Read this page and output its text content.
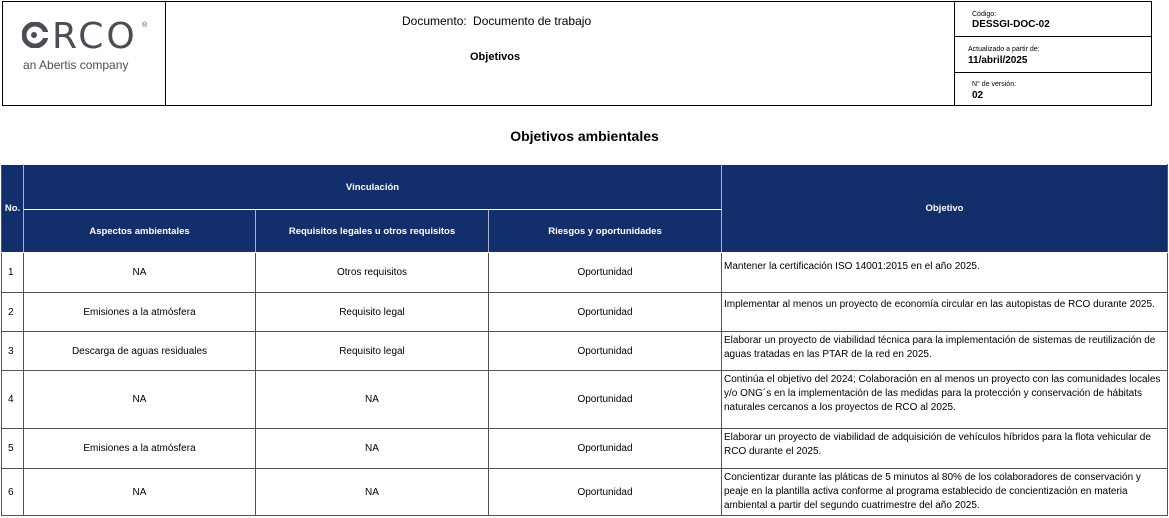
RCO ®
an Abertis company
Documento: Documento de trabajo
Objetivos
Código:
DESSGI-DOC-02
Actualizado a partir de:
11/abril/2025
N° de versión:
02
Objetivos ambientales
No.	Vinculación			Objetivo
	Aspectos ambientales	Requisitos legales u otros requisitos	Riesgos y oportunidades	
1	NA	Otros requisitos	Oportunidad	Mantener la certificación ISO 14001:2015 en el año 2025.
2	Emisiones a la atmósfera	Requisito legal	Oportunidad	Implementar al menos un proyecto de economía circular en las autopistas de RCO durante 2025.
3	Descarga de aguas residuales	Requisito legal	Oportunidad	Elaborar un proyecto de viabilidad técnica para la implementación de sistemas de reutilización de aguas tratadas en las PTAR de la red en 2025.
4	NA	NA	Oportunidad	Continúa el objetivo del 2024; Colaboración en al menos un proyecto con las comunidades locales y/o ONG´s en la implementación de las medidas para la protección y conservación de hábitats naturales cercanos a los proyectos de RCO al 2025.
5	Emisiones a la atmósfera	NA	Oportunidad	Elaborar un proyecto de viabilidad de adquisición de vehículos híbridos para la flota vehicular de RCO durante el 2025.
6	NA	NA	Oportunidad	Concientizar durante las pláticas de 5 minutos al 80% de los colaboradores de conservación y peaje en la plantilla activa conforme al programa establecido de concientización en materia ambiental a partir del segundo cuatrimestre del año 2025.
